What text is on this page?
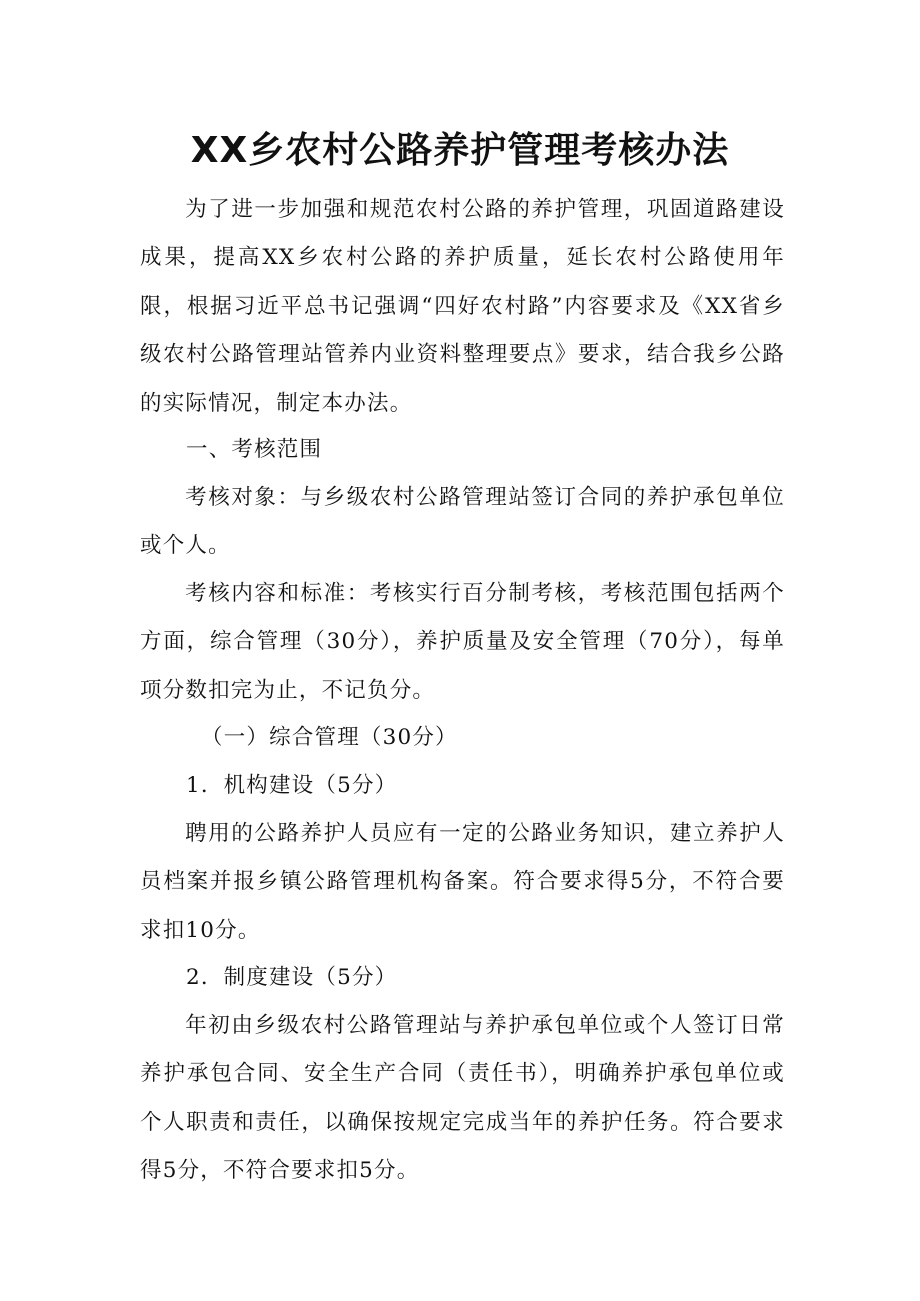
XX乡农村公路养护管理考核办法

为了进一步加强和规范农村公路的养护管理，巩固道路建设成果，提高XX乡农村公路的养护质量，延长农村公路使用年限，根据习近平总书记强调“四好农村路”内容要求及《XX省乡级农村公路管理站管养内业资料整理要点》要求，结合我乡公路的实际情况，制定本办法。

一、考核范围

考核对象：与乡级农村公路管理站签订合同的养护承包单位或个人。

考核内容和标准：考核实行百分制考核，考核范围包括两个方面，综合管理（30分），养护质量及安全管理（70分），每单项分数扣完为止，不记负分。

（一）综合管理（30分）

1．机构建设（5分）

聘用的公路养护人员应有一定的公路业务知识，建立养护人员档案并报乡镇公路管理机构备案。符合要求得5分，不符合要求扣10分。

2．制度建设（5分）

年初由乡级农村公路管理站与养护承包单位或个人签订日常养护承包合同、安全生产合同（责任书），明确养护承包单位或个人职责和责任，以确保按规定完成当年的养护任务。符合要求得5分，不符合要求扣5分。
